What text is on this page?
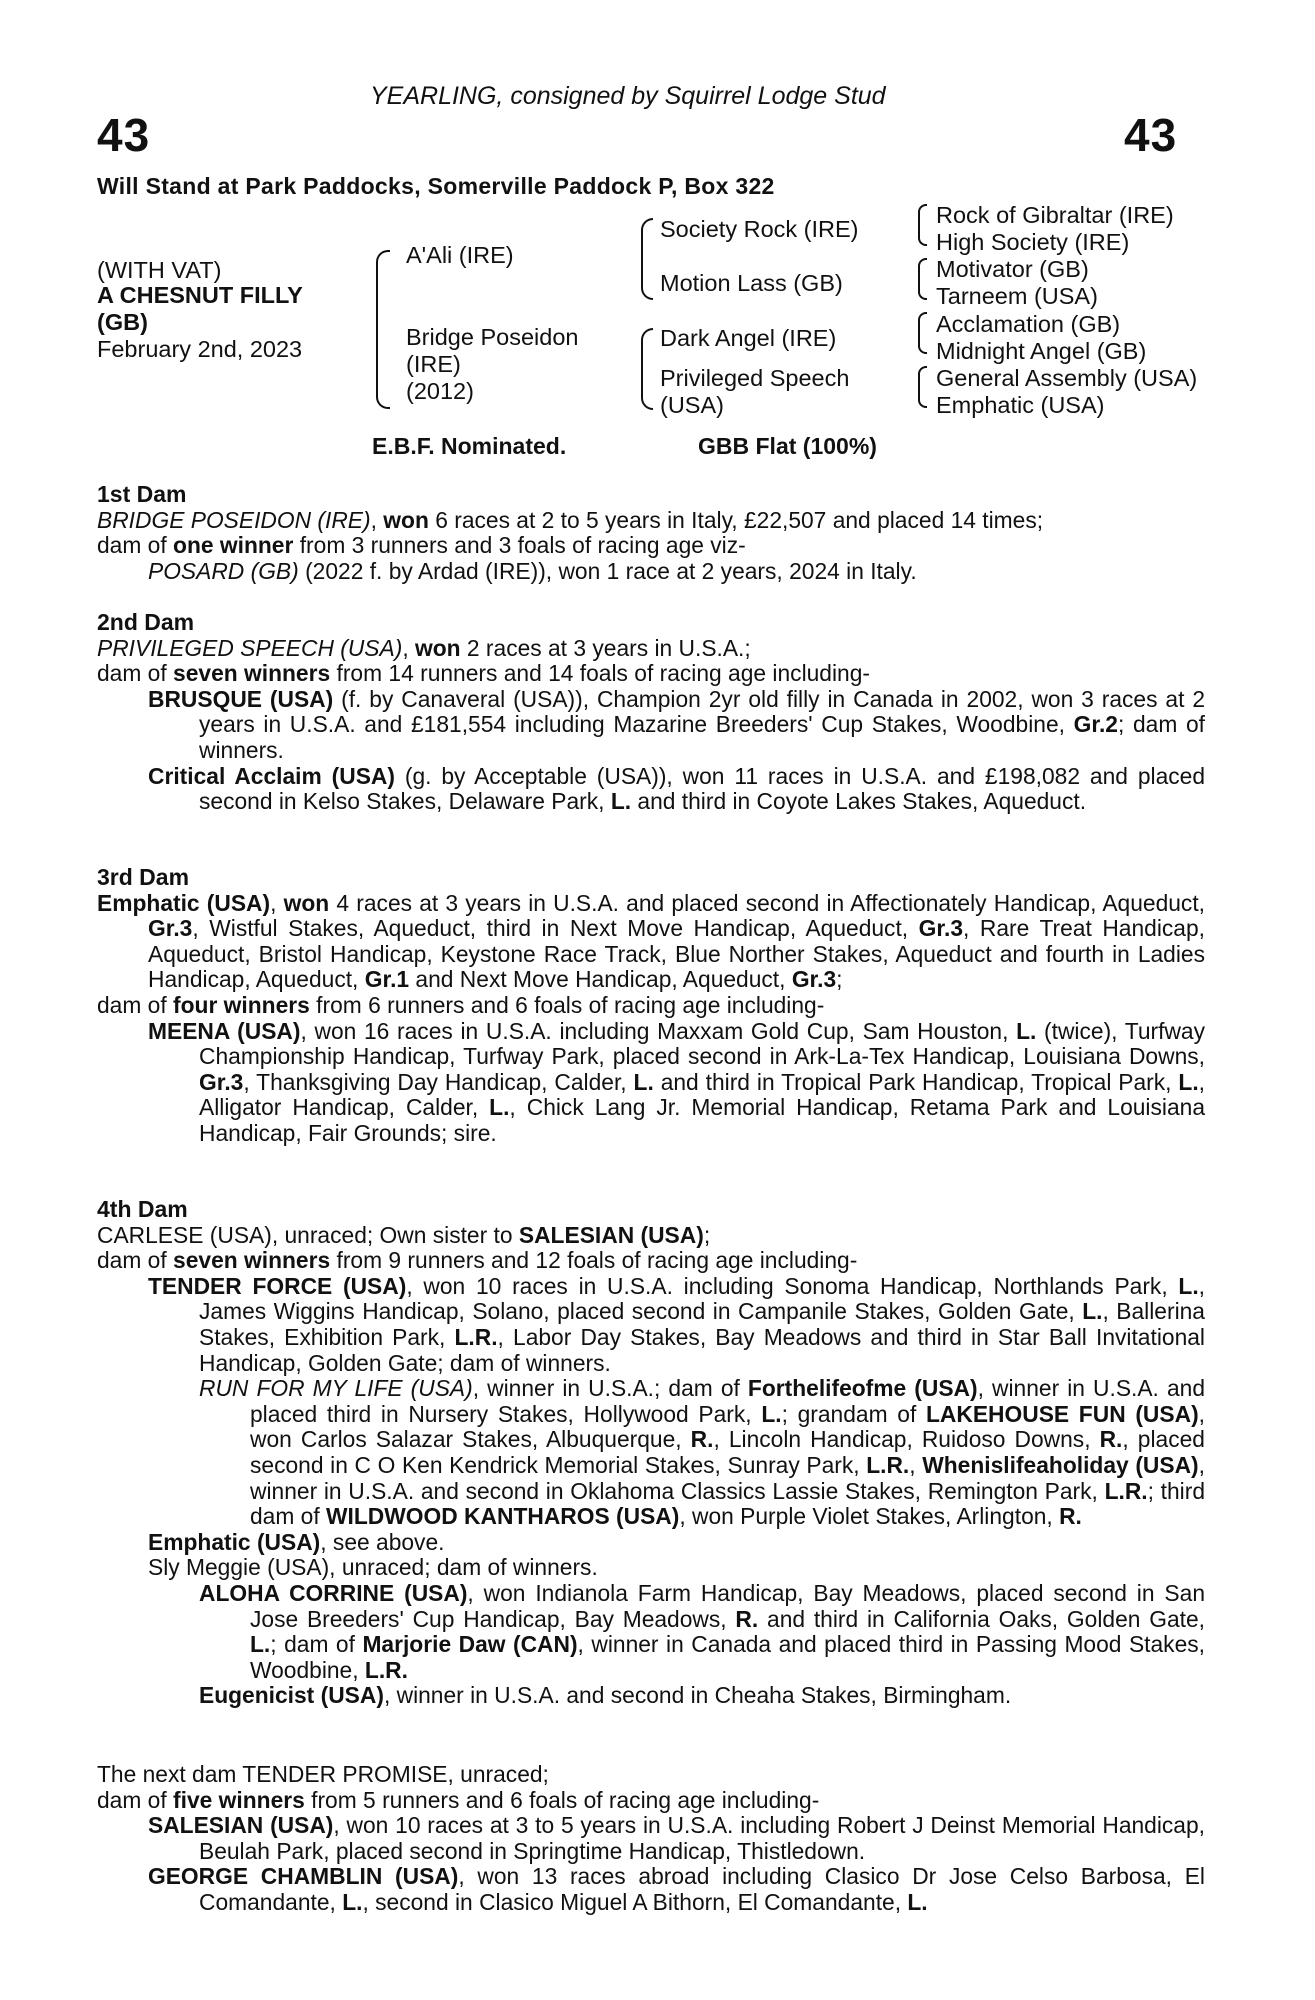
YEARLING, consigned by Squirrel Lodge Stud
43	43
Will Stand at Park Paddocks, Somerville Paddock P, Box 322
(WITH VAT)
A CHESNUT FILLY
(GB)
February 2nd, 2023
A'Ali (IRE)
Bridge Poseidon
(IRE)
(2012)
Society Rock (IRE)
Motion Lass (GB)
Dark Angel (IRE)
Privileged Speech
(USA)
Rock of Gibraltar (IRE)
High Society (IRE)
Motivator (GB)
Tarneem (USA)
Acclamation (GB)
Midnight Angel (GB)
General Assembly (USA)
Emphatic (USA)
E.B.F. Nominated.	GBB Flat (100%)
1st Dam

BRIDGE POSEIDON (IRE), won 6 races at 2 to 5 years in Italy, £22,507 and placed 14 times;

dam of one winner from 3 runners and 3 foals of racing age viz-

POSARD (GB) (2022 f. by Ardad (IRE)), won 1 race at 2 years, 2024 in Italy.

2nd Dam

PRIVILEGED SPEECH (USA), won 2 races at 3 years in U.S.A.;

dam of seven winners from 14 runners and 14 foals of racing age including-

BRUSQUE (USA) (f. by Canaveral (USA)), Champion 2yr old filly in Canada in 2002, won 3 races at 2 years in U.S.A. and £181,554 including Mazarine Breeders' Cup Stakes, Woodbine, Gr.2; dam of winners.

Critical Acclaim (USA) (g. by Acceptable (USA)), won 11 races in U.S.A. and £198,082 and placed second in Kelso Stakes, Delaware Park, L. and third in Coyote Lakes Stakes, Aqueduct.

3rd Dam

Emphatic (USA), won 4 races at 3 years in U.S.A. and placed second in Affectionately Handicap, Aqueduct, Gr.3, Wistful Stakes, Aqueduct, third in Next Move Handicap, Aqueduct, Gr.3, Rare Treat Handicap, Aqueduct, Bristol Handicap, Keystone Race Track, Blue Norther Stakes, Aqueduct and fourth in Ladies Handicap, Aqueduct, Gr.1 and Next Move Handicap, Aqueduct, Gr.3;

dam of four winners from 6 runners and 6 foals of racing age including-

MEENA (USA), won 16 races in U.S.A. including Maxxam Gold Cup, Sam Houston, L. (twice), Turfway Championship Handicap, Turfway Park, placed second in Ark-La-Tex Handicap, Louisiana Downs, Gr.3, Thanksgiving Day Handicap, Calder, L. and third in Tropical Park Handicap, Tropical Park, L., Alligator Handicap, Calder, L., Chick Lang Jr. Memorial Handicap, Retama Park and Louisiana Handicap, Fair Grounds; sire.

4th Dam

CARLESE (USA), unraced; Own sister to SALESIAN (USA);

dam of seven winners from 9 runners and 12 foals of racing age including-

TENDER FORCE (USA), won 10 races in U.S.A. including Sonoma Handicap, Northlands Park, L., James Wiggins Handicap, Solano, placed second in Campanile Stakes, Golden Gate, L., Ballerina Stakes, Exhibition Park, L.R., Labor Day Stakes, Bay Meadows and third in Star Ball Invitational Handicap, Golden Gate; dam of winners.

RUN FOR MY LIFE (USA), winner in U.S.A.; dam of Forthelifeofme (USA), winner in U.S.A. and placed third in Nursery Stakes, Hollywood Park, L.; grandam of LAKEHOUSE FUN (USA), won Carlos Salazar Stakes, Albuquerque, R., Lincoln Handicap, Ruidoso Downs, R., placed second in C O Ken Kendrick Memorial Stakes, Sunray Park, L.R., Whenislifeaholiday (USA), winner in U.S.A. and second in Oklahoma Classics Lassie Stakes, Remington Park, L.R.; third dam of WILDWOOD KANTHAROS (USA), won Purple Violet Stakes, Arlington, R.

Emphatic (USA), see above.

Sly Meggie (USA), unraced; dam of winners.

ALOHA CORRINE (USA), won Indianola Farm Handicap, Bay Meadows, placed second in San Jose Breeders' Cup Handicap, Bay Meadows, R. and third in California Oaks, Golden Gate, L.; dam of Marjorie Daw (CAN), winner in Canada and placed third in Passing Mood Stakes, Woodbine, L.R.

Eugenicist (USA), winner in U.S.A. and second in Cheaha Stakes, Birmingham.

The next dam TENDER PROMISE, unraced;

dam of five winners from 5 runners and 6 foals of racing age including-

SALESIAN (USA), won 10 races at 3 to 5 years in U.S.A. including Robert J Deinst Memorial Handicap, Beulah Park, placed second in Springtime Handicap, Thistledown.

GEORGE CHAMBLIN (USA), won 13 races abroad including Clasico Dr Jose Celso Barbosa, El Comandante, L., second in Clasico Miguel A Bithorn, El Comandante, L.
